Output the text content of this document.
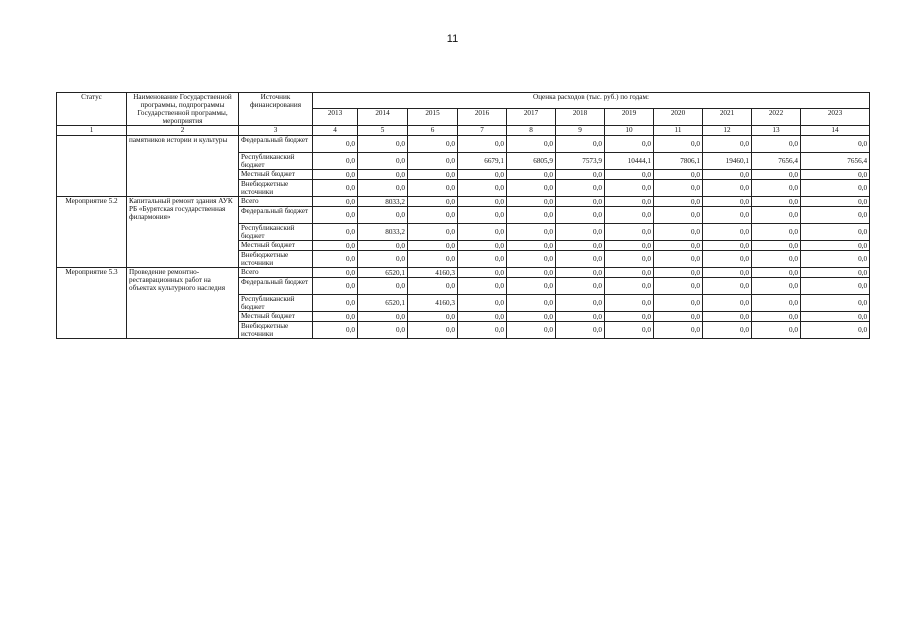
11
Статус	Наименование Государственной программы, подпрограммы Государственной программы, мероприятия	Источник финансирования	Оценка расходов (тыс. руб.) по годам:										
			2013	2014	2015	2016	2017	2018	2019	2020	2021	2022	2023
1	2	3	4	5	6	7	8	9	10	11	12	13	14
	памятников истории и культуры	Федеральный бюджет	0,0	0,0	0,0	0,0	0,0	0,0	0,0	0,0	0,0	0,0	0,0
		Республиканский бюджет	0,0	0,0	0,0	6679,1	6805,9	7573,9	10444,1	7806,1	19460,1	7656,4	7656,4
		Местный бюджет	0,0	0,0	0,0	0,0	0,0	0,0	0,0	0,0	0,0	0,0	0,0
		Внебюджетные источники	0,0	0,0	0,0	0,0	0,0	0,0	0,0	0,0	0,0	0,0	0,0
Мероприятие 5.2	Капитальный ремонт здания АУК РБ «Бурятская государственная филармония»	Всего	0,0	8033,2	0,0	0,0	0,0	0,0	0,0	0,0	0,0	0,0	0,0
		Федеральный бюджет	0,0	0,0	0,0	0,0	0,0	0,0	0,0	0,0	0,0	0,0	0,0
		Республиканский бюджет	0,0	8033,2	0,0	0,0	0,0	0,0	0,0	0,0	0,0	0,0	0,0
		Местный бюджет	0,0	0,0	0,0	0,0	0,0	0,0	0,0	0,0	0,0	0,0	0,0
		Внебюджетные источники	0,0	0,0	0,0	0,0	0,0	0,0	0,0	0,0	0,0	0,0	0,0
Мероприятие 5.3	Проведение ремонтно-реставрационных работ на объектах культурного наследия	Всего	0,0	6520,1	4160,3	0,0	0,0	0,0	0,0	0,0	0,0	0,0	0,0
		Федеральный бюджет	0,0	0,0	0,0	0,0	0,0	0,0	0,0	0,0	0,0	0,0	0,0
		Республиканский бюджет	0,0	6520,1	4160,3	0,0	0,0	0,0	0,0	0,0	0,0	0,0	0,0
		Местный бюджет	0,0	0,0	0,0	0,0	0,0	0,0	0,0	0,0	0,0	0,0	0,0
		Внебюджетные источники	0,0	0,0	0,0	0,0	0,0	0,0	0,0	0,0	0,0	0,0	0,0
